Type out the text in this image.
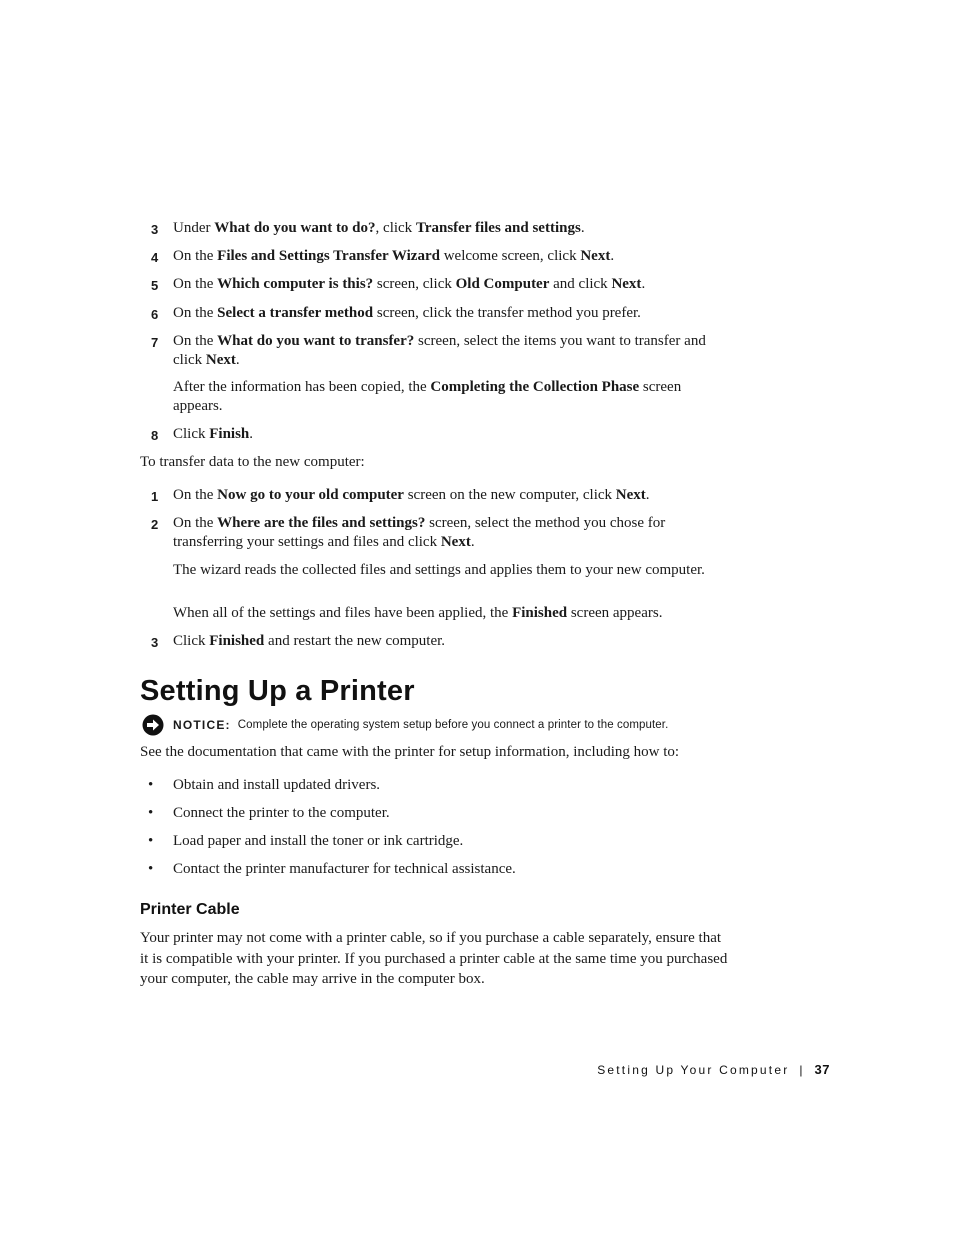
3 Under What do you want to do?, click Transfer files and settings.
4 On the Files and Settings Transfer Wizard welcome screen, click Next.
5 On the Which computer is this? screen, click Old Computer and click Next.
6 On the Select a transfer method screen, click the transfer method you prefer.
7 On the What do you want to transfer? screen, select the items you want to transfer and click Next.
After the information has been copied, the Completing the Collection Phase screen appears.
8 Click Finish.
To transfer data to the new computer:
1 On the Now go to your old computer screen on the new computer, click Next.
2 On the Where are the files and settings? screen, select the method you chose for transferring your settings and files and click Next.
The wizard reads the collected files and settings and applies them to your new computer.
When all of the settings and files have been applied, the Finished screen appears.
3 Click Finished and restart the new computer.
Setting Up a Printer
NOTICE: Complete the operating system setup before you connect a printer to the computer.
See the documentation that came with the printer for setup information, including how to:
• Obtain and install updated drivers.
• Connect the printer to the computer.
• Load paper and install the toner or ink cartridge.
• Contact the printer manufacturer for technical assistance.
Printer Cable
Your printer may not come with a printer cable, so if you purchase a cable separately, ensure that it is compatible with your printer. If you purchased a printer cable at the same time you purchased your computer, the cable may arrive in the computer box.
Setting Up Your Computer | 37
